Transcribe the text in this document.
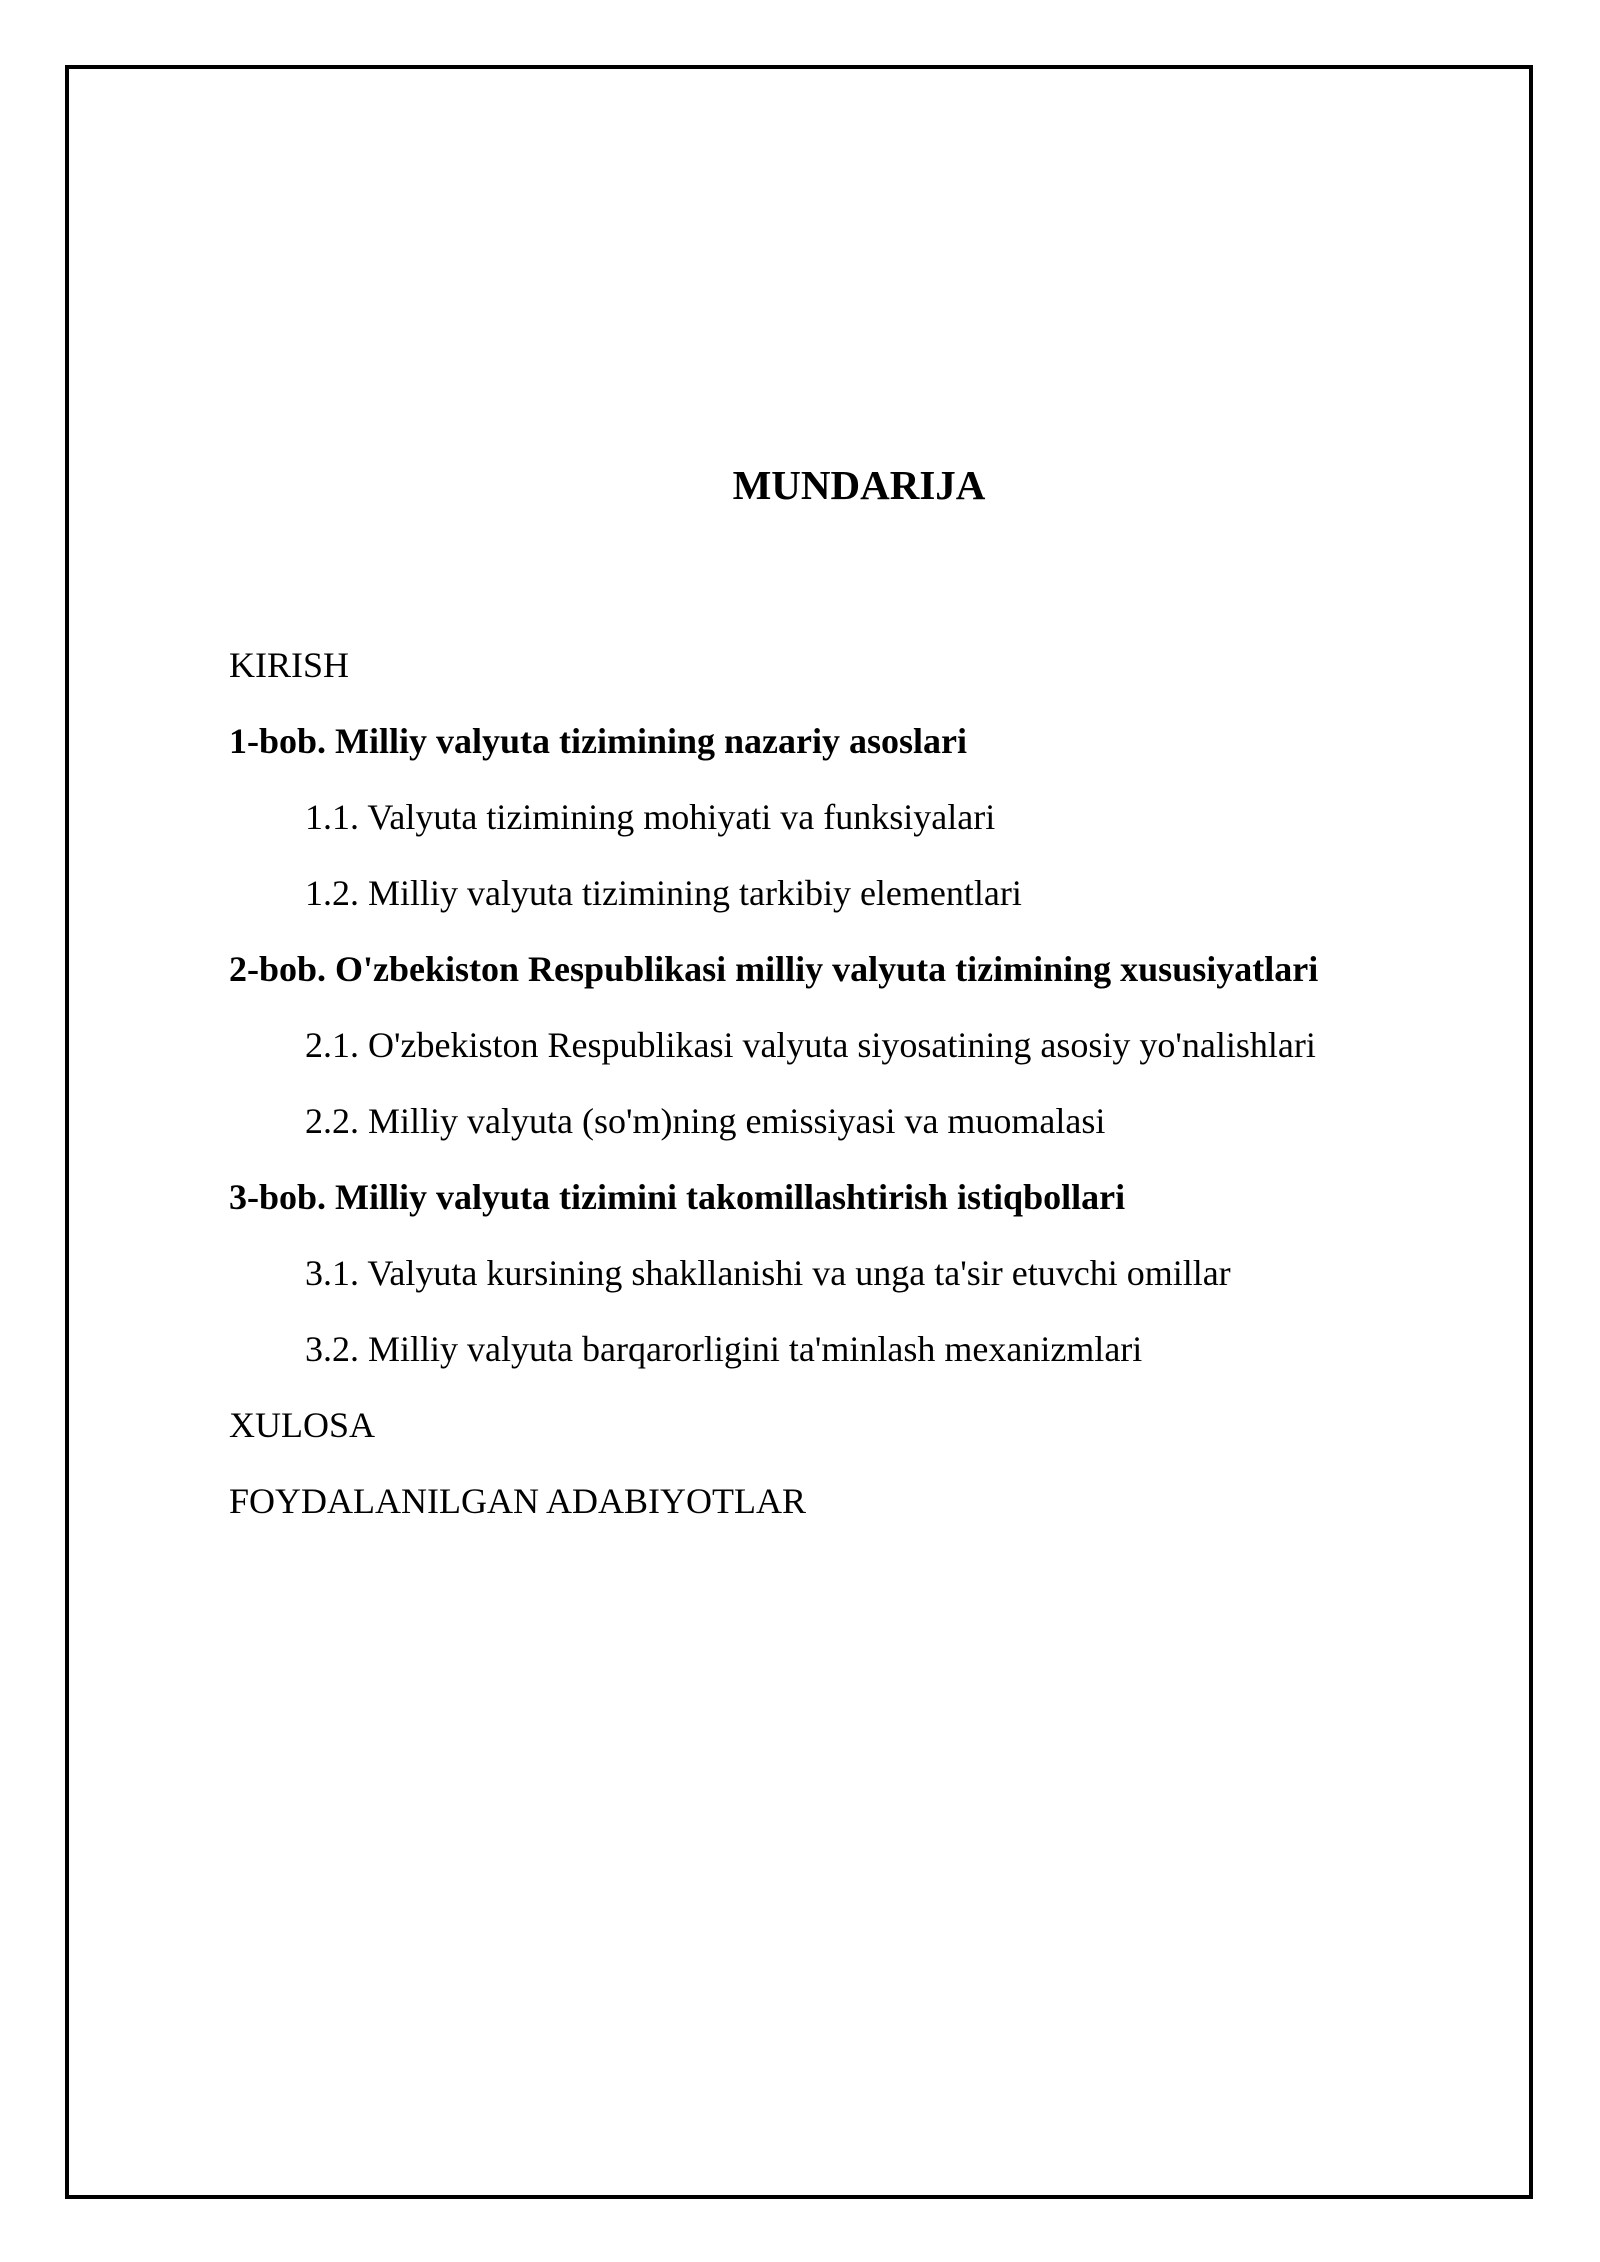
MUNDARIJA
KIRISH
1-bob. Milliy valyuta tizimining nazariy asoslari
1.1. Valyuta tizimining mohiyati va funksiyalari
1.2. Milliy valyuta tizimining tarkibiy elementlari
2-bob. O'zbekiston Respublikasi milliy valyuta tizimining xususiyatlari
2.1. O'zbekiston Respublikasi valyuta siyosatining asosiy yo'nalishlari
2.2. Milliy valyuta (so'm)ning emissiyasi va muomalasi
3-bob. Milliy valyuta tizimini takomillashtirish istiqbollari
3.1. Valyuta kursining shakllanishi va unga ta'sir etuvchi omillar
3.2. Milliy valyuta barqarorligini ta'minlash mexanizmlari
XULOSA
FOYDALANILGAN ADABIYOTLAR
